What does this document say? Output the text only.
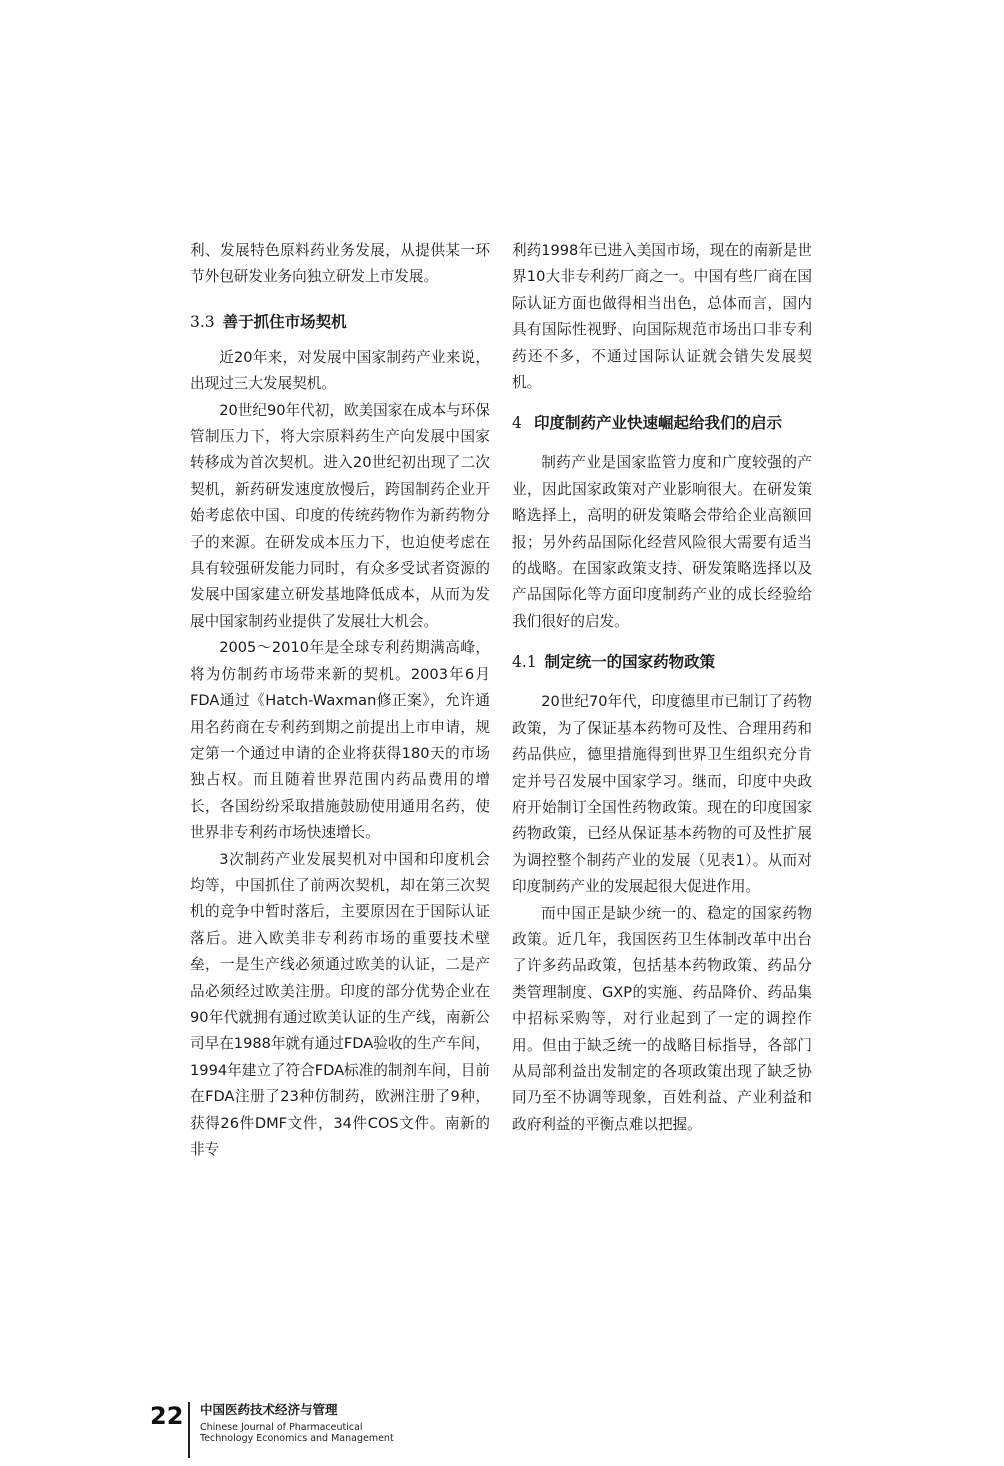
利、发展特色原料药业务发展，从提供某一环节外包研发业务向独立研发上市发展。

3.3 善于抓住市场契机

近20年来，对发展中国家制药产业来说，出现过三大发展契机。

20世纪90年代初，欧美国家在成本与环保管制压力下，将大宗原料药生产向发展中国家转移成为首次契机。进入20世纪初出现了二次契机，新药研发速度放慢后，跨国制药企业开始考虑依中国、印度的传统药物作为新药物分子的来源。在研发成本压力下，也迫使考虑在具有较强研发能力同时，有众多受试者资源的发展中国家建立研发基地降低成本，从而为发展中国家制药业提供了发展壮大机会。

2005～2010年是全球专利药期满高峰，将为仿制药市场带来新的契机。2003年6月FDA通过《Hatch-Waxman修正案》，允许通用名药商在专利药到期之前提出上市申请，规定第一个通过申请的企业将获得180天的市场独占权。而且随着世界范围内药品费用的增长，各国纷纷采取措施鼓励使用通用名药，使世界非专利药市场快速增长。

3次制药产业发展契机对中国和印度机会均等，中国抓住了前两次契机，却在第三次契机的竞争中暂时落后，主要原因在于国际认证落后。进入欧美非专利药市场的重要技术壁垒，一是生产线必须通过欧美的认证，二是产品必须经过欧美注册。印度的部分优势企业在90年代就拥有通过欧美认证的生产线，南新公司早在1988年就有通过FDA验收的生产车间，1994年建立了符合FDA标准的制剂车间，目前在FDA注册了23种仿制药，欧洲注册了9种，获得26件DMF文件，34件COS文件。南新的非专

利药1998年已进入美国市场，现在的南新是世界10大非专利药厂商之一。中国有些厂商在国际认证方面也做得相当出色，总体而言，国内具有国际性视野、向国际规范市场出口非专利药还不多，不通过国际认证就会错失发展契机。

4 印度制药产业快速崛起给我们的启示

制药产业是国家监管力度和广度较强的产业，因此国家政策对产业影响很大。在研发策略选择上，高明的研发策略会带给企业高额回报；另外药品国际化经营风险很大需要有适当的战略。在国家政策支持、研发策略选择以及产品国际化等方面印度制药产业的成长经验给我们很好的启发。

4.1 制定统一的国家药物政策

20世纪70年代，印度德里市已制订了药物政策，为了保证基本药物可及性、合理用药和药品供应，德里措施得到世界卫生组织充分肯定并号召发展中国家学习。继而，印度中央政府开始制订全国性药物政策。现在的印度国家药物政策，已经从保证基本药物的可及性扩展为调控整个制药产业的发展（见表1）。从而对印度制药产业的发展起很大促进作用。

而中国正是缺少统一的、稳定的国家药物政策。近几年，我国医药卫生体制改革中出台了许多药品政策，包括基本药物政策、药品分类管理制度、GXP的实施、药品降价、药品集中招标采购等，对行业起到了一定的调控作用。但由于缺乏统一的战略目标指导，各部门从局部利益出发制定的各项政策出现了缺乏协同乃至不协调等现象，百姓利益、产业利益和政府利益的平衡点难以把握。

22 中国医药技术经济与管理
Chinese Journal of Pharmaceutical
Technology Economics and Management
